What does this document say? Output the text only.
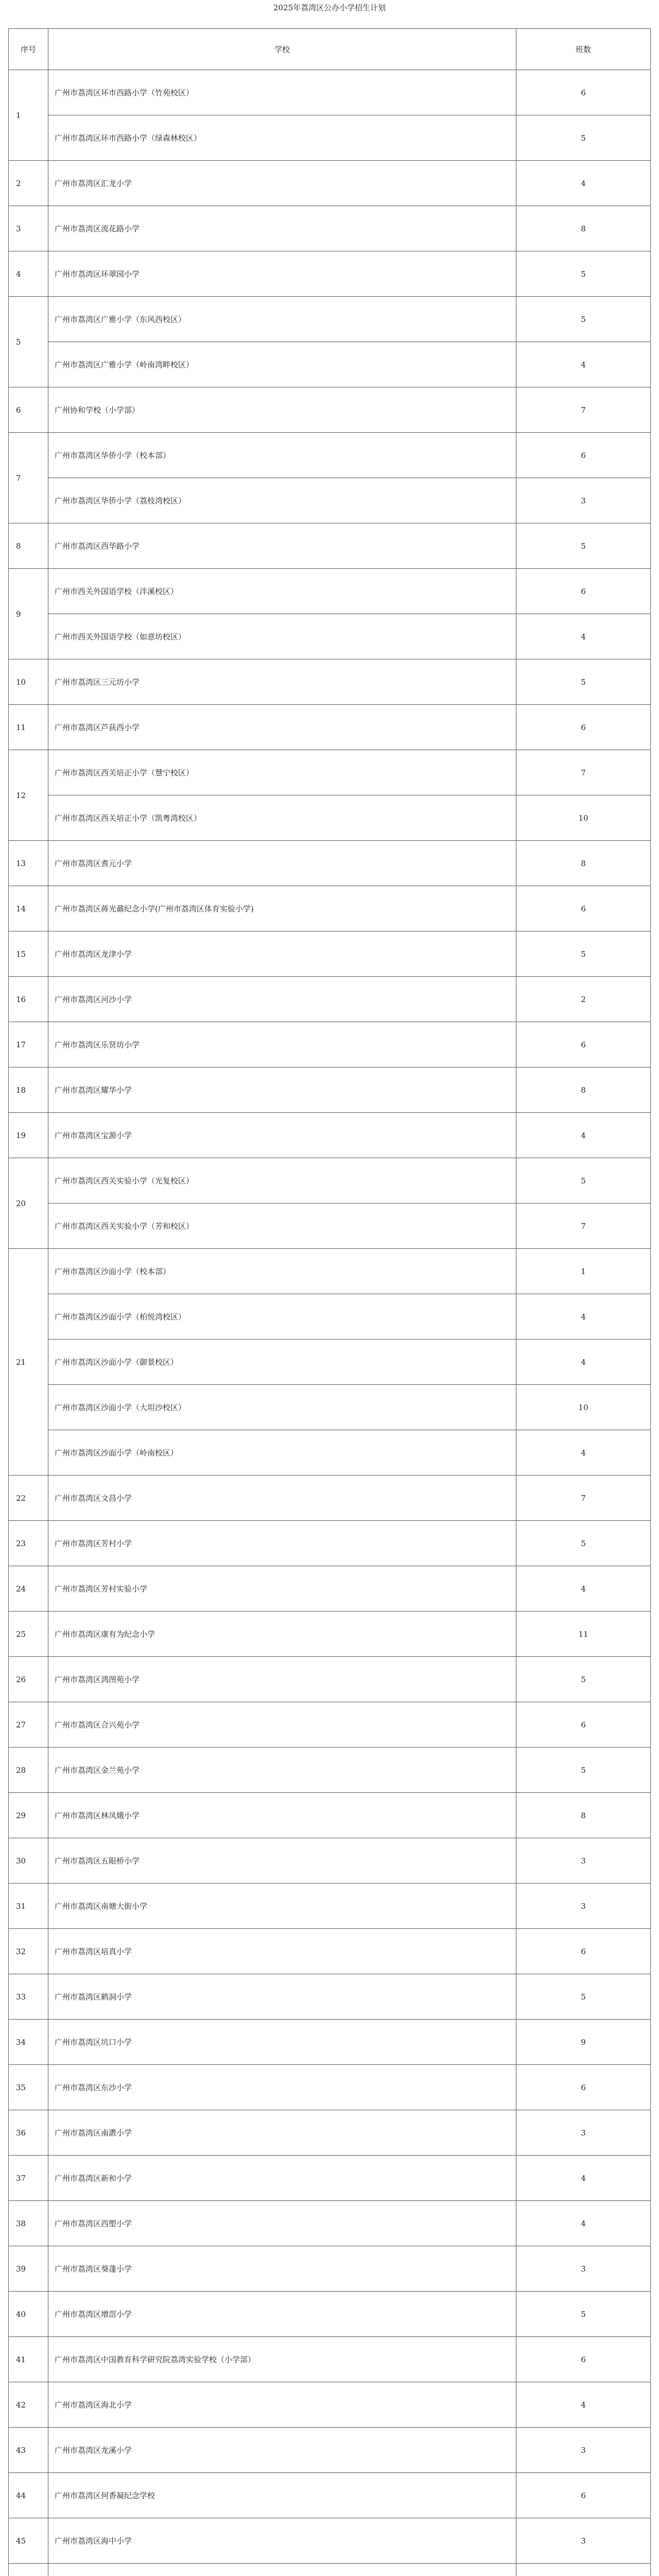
2025年荔湾区公办小学招生计划
序号	学校	班数
1	广州市荔湾区环市西路小学（竹苑校区）	6
	广州市荔湾区环市西路小学（绿森林校区）	5
2	广州市荔湾区汇龙小学	4
3	广州市荔湾区流花路小学	8
4	广州市荔湾区环翠园小学	5
5	广州市荔湾区广雅小学（东风西校区）	5
	广州市荔湾区广雅小学（岭南湾畔校区）	4
6	广州协和学校（小学部）	7
7	广州市荔湾区华侨小学（校本部）	6
	广州市荔湾区华侨小学（荔枝湾校区）	3
8	广州市荔湾区西华路小学	5
9	广州市西关外国语学校（泮溪校区）	6
	广州市西关外国语学校（如意坊校区）	4
10	广州市荔湾区三元坊小学	5
11	广州市荔湾区芦荻西小学	6
12	广州市荔湾区西关培正小学（慧宁校区）	7
	广州市荔湾区西关培正小学（凯粤湾校区）	10
13	广州市荔湾区耆元小学	8
14	广州市荔湾区蒋光鼐纪念小学(广州市荔湾区体育实验小学)	6
15	广州市荔湾区龙津小学	5
16	广州市荔湾区河沙小学	2
17	广州市荔湾区乐贤坊小学	6
18	广州市荔湾区耀华小学	8
19	广州市荔湾区宝源小学	4
20	广州市荔湾区西关实验小学（光复校区）	5
	广州市荔湾区西关实验小学（芳和校区）	7
21	广州市荔湾区沙面小学（校本部）	1
	广州市荔湾区沙面小学（柏悦湾校区）	4
	广州市荔湾区沙面小学（御景校区）	4
	广州市荔湾区沙面小学（大坦沙校区）	10
	广州市荔湾区沙面小学（岭南校区）	4
22	广州市荔湾区文昌小学	7
23	广州市荔湾区芳村小学	5
24	广州市荔湾区芳村实验小学	4
25	广州市荔湾区康有为纪念小学	11
26	广州市荔湾区鸿图苑小学	5
27	广州市荔湾区合兴苑小学	6
28	广州市荔湾区金兰苑小学	5
29	广州市荔湾区林凤娥小学	8
30	广州市荔湾区五眼桥小学	3
31	广州市荔湾区南塘大街小学	3
32	广州市荔湾区培真小学	6
33	广州市荔湾区鹤洞小学	5
34	广州市荔湾区坑口小学	9
35	广州市荔湾区东沙小学	6
36	广州市荔湾区南漖小学	3
37	广州市荔湾区新和小学	4
38	广州市荔湾区西塱小学	4
39	广州市荔湾区葵蓬小学	3
40	广州市荔湾区增滘小学	5
41	广州市荔湾区中国教育科学研究院荔湾实验学校（小学部）	6
42	广州市荔湾区海北小学	4
43	广州市荔湾区龙溪小学	3
44	广州市荔湾区何香凝纪念学校	6
45	广州市荔湾区海中小学	3
